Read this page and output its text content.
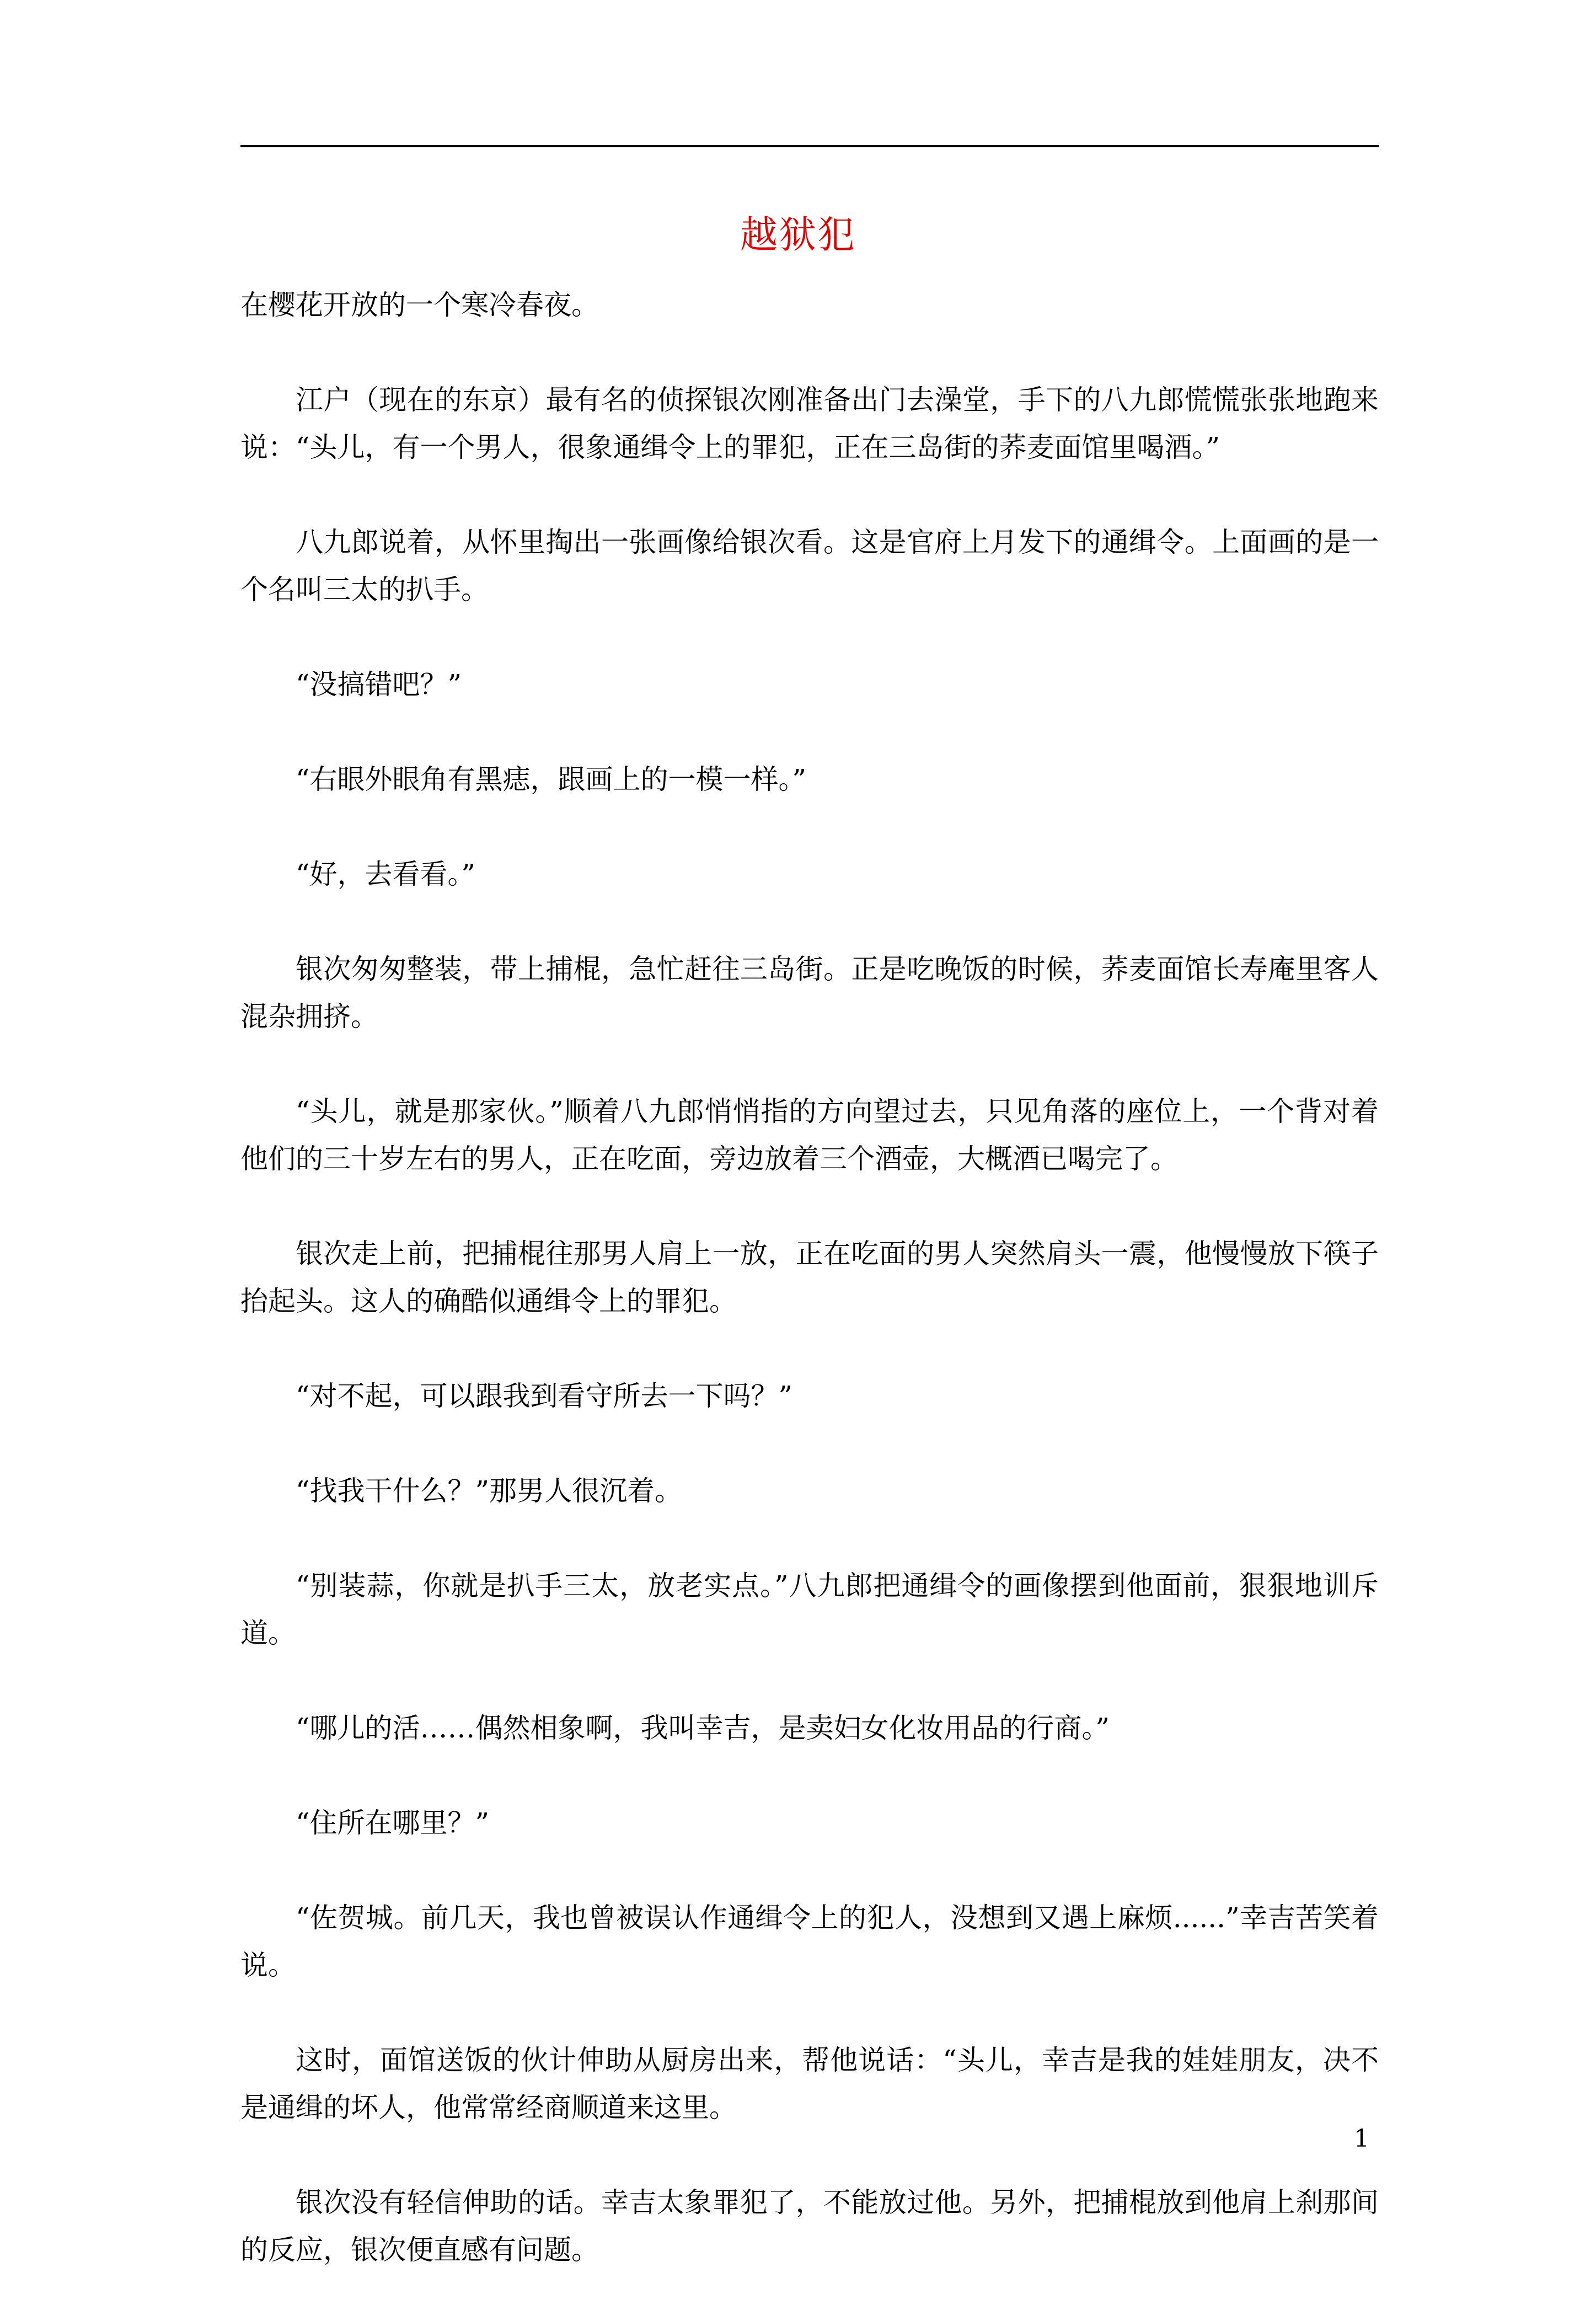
越狱犯

在樱花开放的一个寒冷春夜。

江户（现在的东京）最有名的侦探银次刚准备出门去澡堂，手下的八九郎慌慌张张地跑来说：“头儿，有一个男人，很象通缉令上的罪犯，正在三岛街的荞麦面馆里喝酒。”

八九郎说着，从怀里掏出一张画像给银次看。这是官府上月发下的通缉令。上面画的是一个名叫三太的扒手。

“没搞错吧？”

“右眼外眼角有黑痣，跟画上的一模一样。”

“好，去看看。”

银次匆匆整装，带上捕棍，急忙赶往三岛街。正是吃晚饭的时候，荞麦面馆长寿庵里客人混杂拥挤。

“头儿，就是那家伙。”顺着八九郎悄悄指的方向望过去，只见角落的座位上，一个背对着他们的三十岁左右的男人，正在吃面，旁边放着三个酒壶，大概酒已喝完了。

银次走上前，把捕棍往那男人肩上一放，正在吃面的男人突然肩头一震，他慢慢放下筷子抬起头。这人的确酷似通缉令上的罪犯。

“对不起，可以跟我到看守所去一下吗？”

“找我干什么？”那男人很沉着。

“别装蒜，你就是扒手三太，放老实点。”八九郎把通缉令的画像摆到他面前，狠狠地训斥道。

“哪儿的活……偶然相象啊，我叫幸吉，是卖妇女化妆用品的行商。”

“住所在哪里？”

“佐贺城。前几天，我也曾被误认作通缉令上的犯人，没想到又遇上麻烦......”幸吉苦笑着说。

这时，面馆送饭的伙计伸助从厨房出来，帮他说话：“头儿，幸吉是我的娃娃朋友，决不是通缉的坏人，他常常经商顺道来这里。

银次没有轻信伸助的话。幸吉太象罪犯了，不能放过他。另外，把捕棍放到他肩上刹那间的反应，银次便直感有问题。

1
